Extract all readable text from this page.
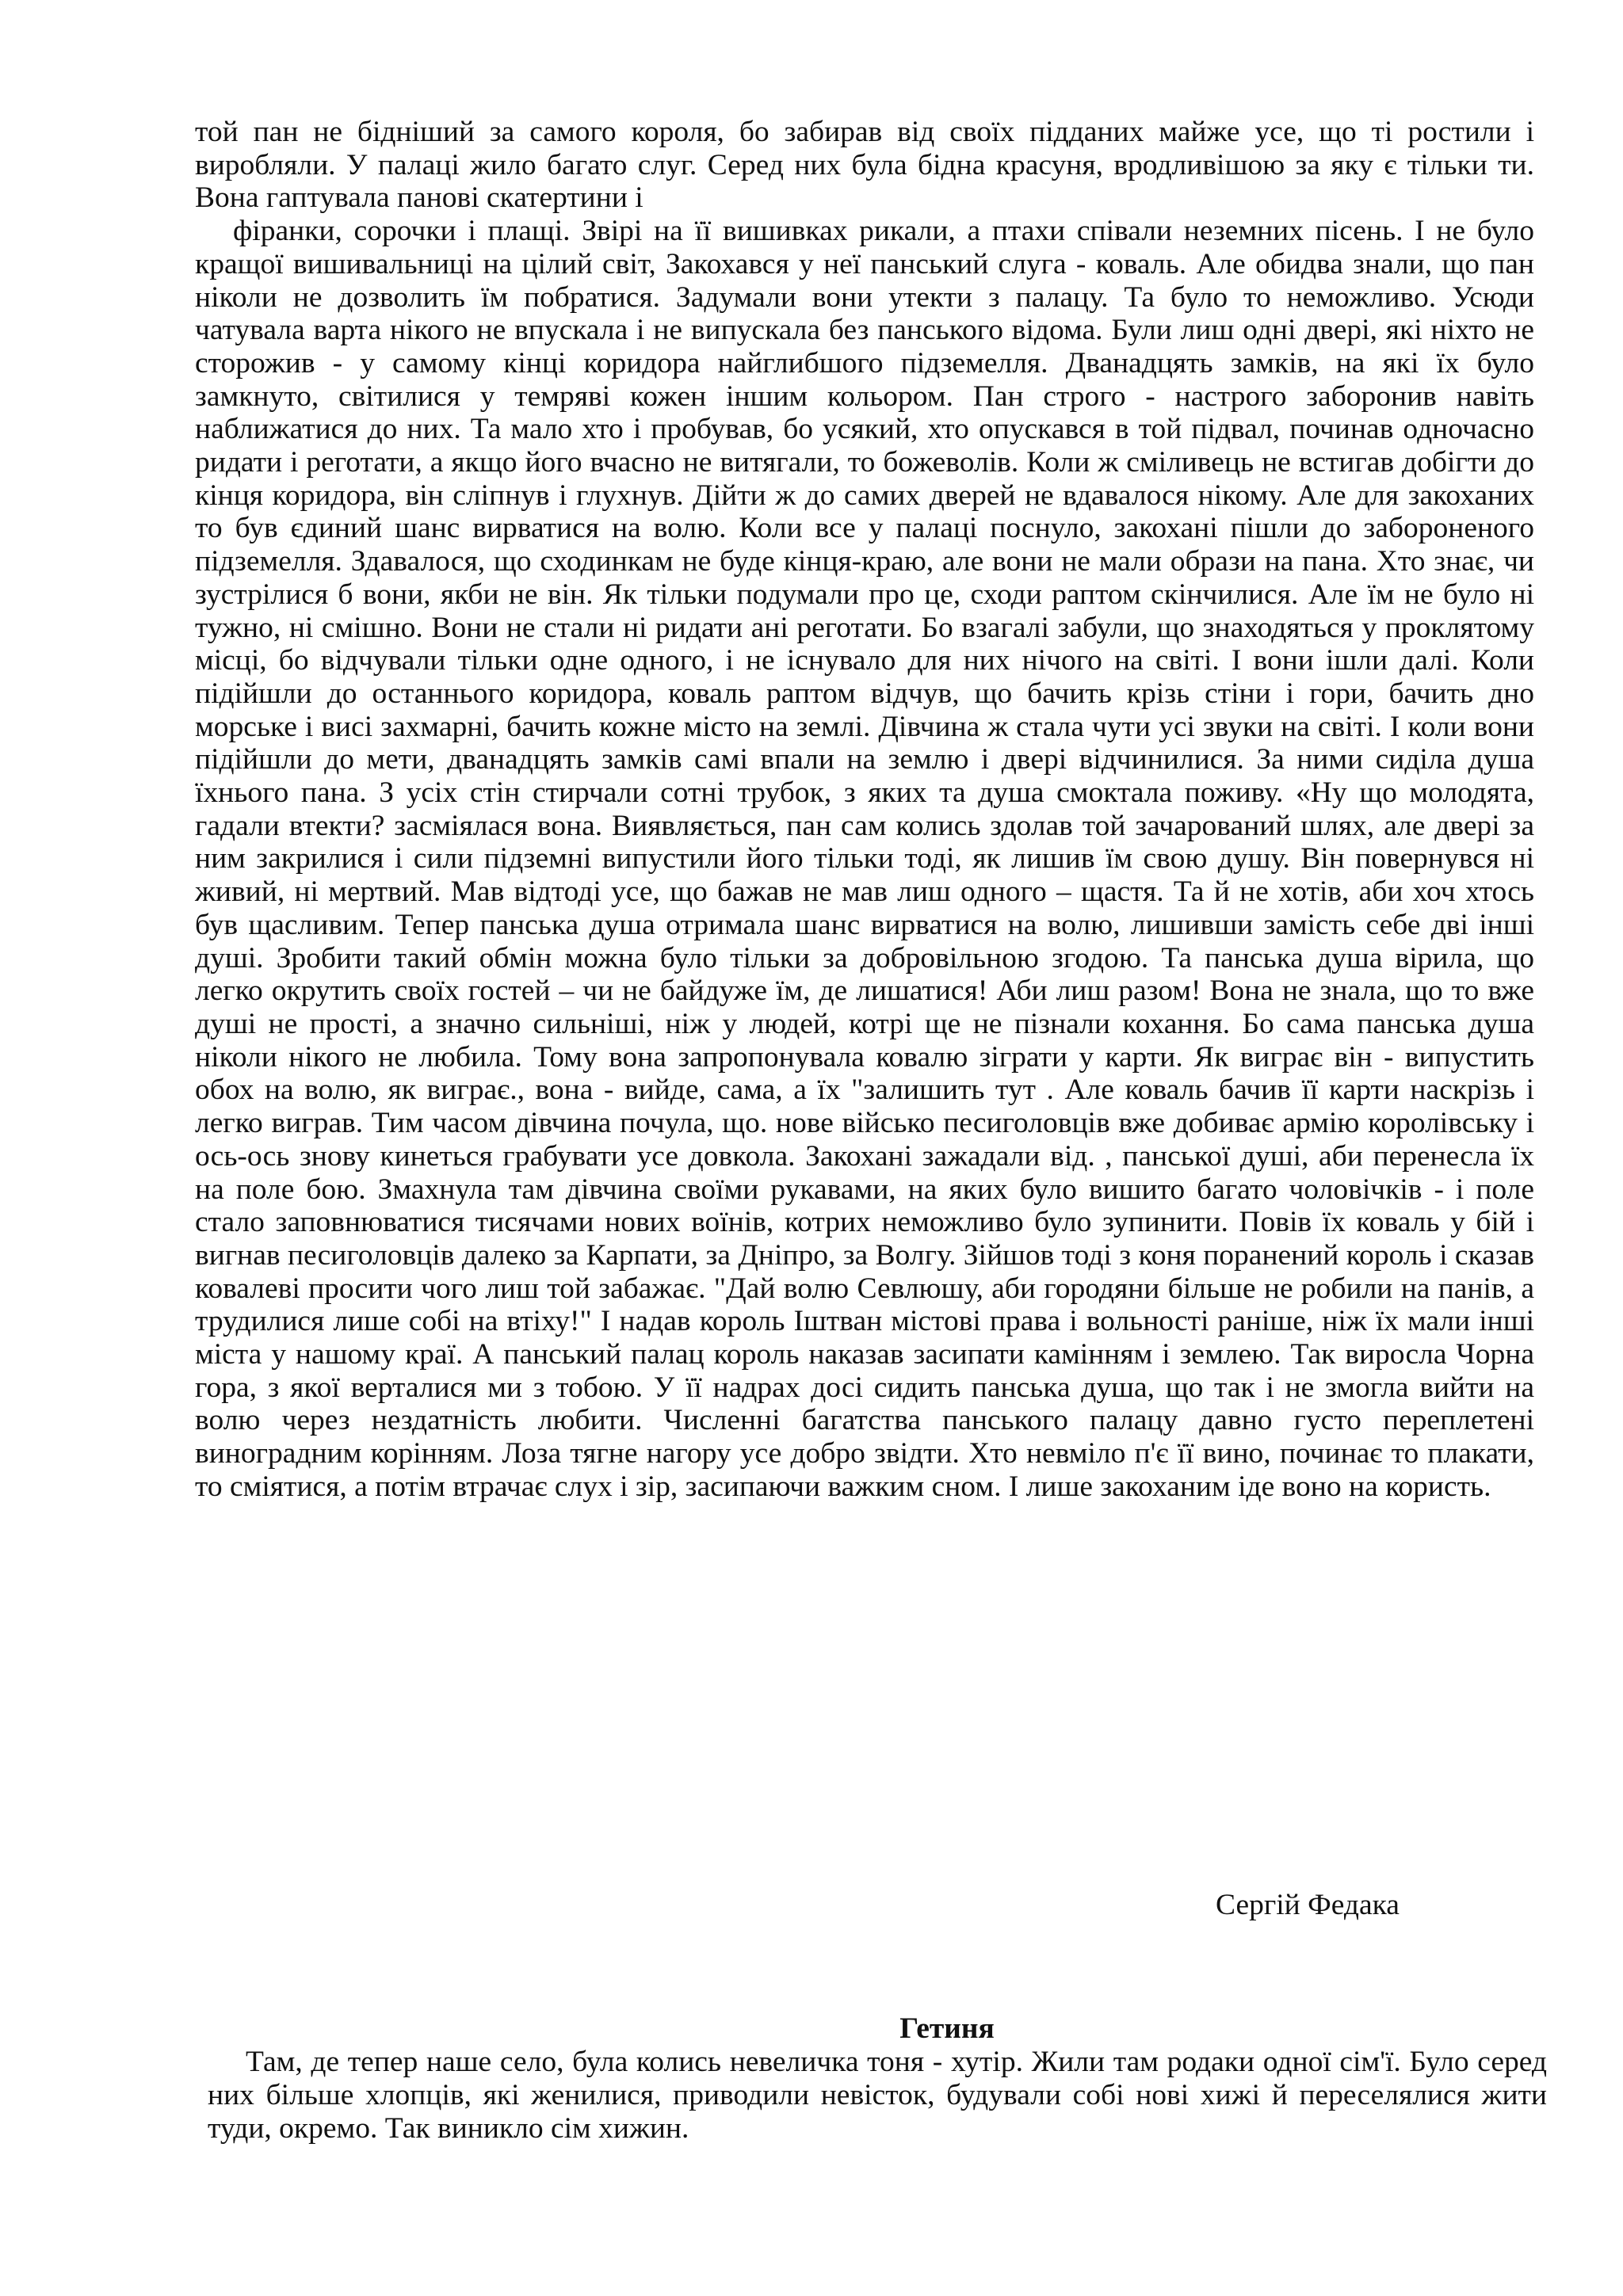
той пан не бідніший за самого короля, бо забирав від своїх підданих майже усе, що ті ростили і виробляли. У палаці жило багато слуг. Серед них була бідна красуня, вродливішою за яку є тільки ти. Вона гаптувала панові скатертини і

фіранки, сорочки і плащі. Звірі на її вишивках рикали, а птахи співали неземних пісень. І не було кращої вишивальниці на цілий світ, Закохався у неї панський слуга - коваль. Але обидва знали, що пан ніколи не дозволить їм побратися. Задумали вони утекти з палацу. Та було то неможливо. Усюди чатувала варта нікого не впускала і не випускала без панського відома. Були лиш одні двері, які ніхто не сторожив - у самому кінці коридора найглибшого підземелля. Дванадцять замків, на які їх було замкнуто, світилися у темряві кожен іншим кольором. Пан строго - настрого заборонив навіть наближатися до них. Та мало хто і пробував, бо усякий, хто опускався в той підвал, починав одночасно ридати і реготати, а якщо його вчасно не витягали, то божеволів. Коли ж сміливець не встигав добігти до кінця коридора, він сліпнув і глухнув. Дійти ж до самих дверей не вдавалося нікому. Але для закоханих то був єдиний шанс вирватися на волю. Коли все у палаці поснуло, закохані пішли до забороненого підземелля. Здавалося, що сходинкам не буде кінця-краю, але вони не мали образи на пана. Хто знає, чи зустрілися б вони, якби не він. Як тільки подумали про це, сходи раптом скінчилися. Але їм не було ні тужно, ні смішно. Вони не стали ні ридати ані реготати. Бо взагалі забули, що знаходяться у проклятому місці, бо відчували тільки одне одного, і не існувало для них нічого на світі. І вони ішли далі. Коли підійшли до останнього коридора, коваль раптом відчув, що бачить крізь стіни і гори, бачить дно морське і висі захмарні, бачить кожне місто на землі. Дівчина ж стала чути усі звуки на світі. І коли вони підійшли до мети, дванадцять замків самі впали на землю і двері відчинилися. За ними сиділа душа їхнього пана. З усіх стін стирчали сотні трубок, з яких та душа смоктала поживу. «Ну що молодята, гадали втекти? засміялася вона. Виявляється, пан сам колись здолав той зачарований шлях, але двері за ним закрилися і сили підземні випустили його тільки тоді, як лишив їм свою душу. Він повернувся ні живий, ні мертвий. Мав відтоді усе, що бажав не мав лиш одного – щастя. Та й не хотів, аби хоч хтось був щасливим. Тепер панська душа отримала шанс вирватися на волю, лишивши замість себе дві інші душі. Зробити такий обмін можна було тільки за добровільною згодою. Та панська душа вірила, що легко окрутить своїх гостей – чи не байдуже їм, де лишатися! Аби лиш разом! Вона не знала, що то вже душі не прості, а значно сильніші, ніж у людей, котрі ще не пізнали кохання. Бо сама панська душа ніколи нікого не любила. Тому вона запропонувала ковалю зіграти у карти. Як виграє він - випустить обох на волю, як виграє., вона - вийде, сама, а їх "залишить тут . Але коваль бачив її карти наскрізь і легко виграв. Тим часом дівчина почула, що. нове військо песиголовців вже добиває армію королівську і ось-ось знову кинеться грабувати усе довкола. Закохані зажадали від. , панської душі, аби перенесла їх на поле бою. Змахнула там дівчина своїми рукавами, на яких було вишито багато чоловічків - і поле стало заповнюватися тисячами нових воїнів, котрих неможливо було зупинити. Повів їх коваль у бій і вигнав песиголовців далеко за Карпати, за Дніпро, за Волгу. Зійшов тоді з коня поранений король і сказав ковалеві просити чого лиш той забажає. "Дай волю Севлюшу, аби городяни більше не робили на панів, а трудилися лише собі на втіху!" І надав король Іштван містові права і вольності раніше, ніж їх мали інші міста у нашому краї. А панський палац король наказав засипати камінням і землею. Так виросла Чорна гора, з якої верталися ми з тобою. У її надрах досі сидить панська душа, що так і не змогла вийти на волю через нездатність любити. Численні багатства панського палацу давно густо переплетені виноградним корінням. Лоза тягне нагору усе добро звідти. Хто невміло п'є її вино, починає то плакати, то сміятися, а потім втрачає слух і зір, засипаючи важким сном. І лише закоханим іде воно на користь.

Сергій Федака
Гетиня

Там, де тепер наше село, була колись невеличка тоня - хутір. Жили там родаки одної сім'ї. Було серед них більше хлопців, які женилися, приводили невісток, будували собі нові хижі й переселялися жити туди, окремо. Так виникло сім хижин.
